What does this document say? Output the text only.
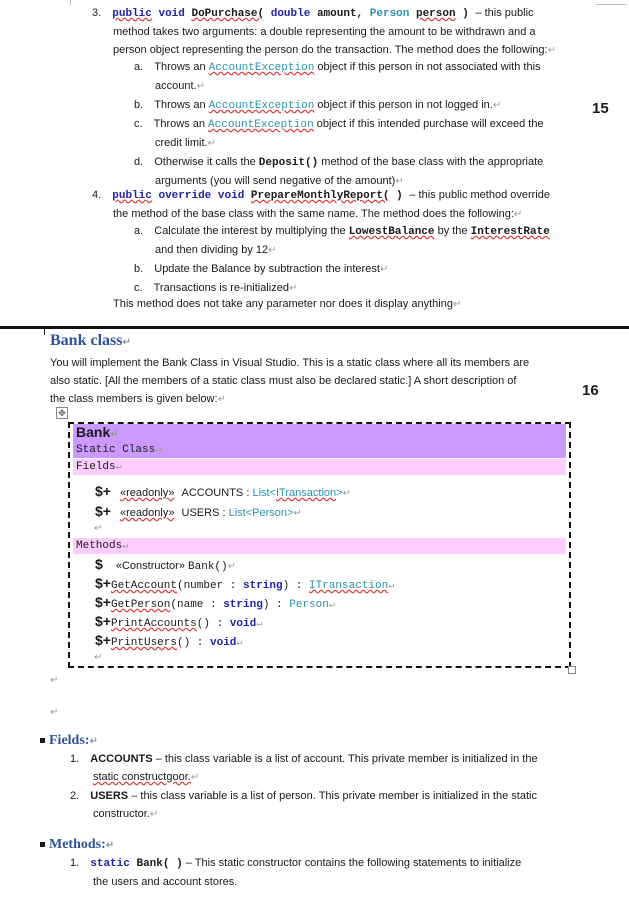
3. public void DoPurchase( double amount, Person person ) – this public
method takes two arguments: a double representing the amount to be withdrawn and a
person object representing the person do the transaction. The method does the following:↵
a. Throws an AccountException object if this person in not associated with this
account.↵
b. Throws an AccountException object if this person in not logged in.↵
c. Throws an AccountException object if this intended purchase will exceed the
credit limit.↵
d. Otherwise it calls the Deposit() method of the base class with the appropriate
arguments (you will send negative of the amount)↵
15
4. public override void PrepareMonthlyReport( ) – this public method override
the method of the base class with the same name. The method does the following:↵
a. Calculate the interest by multiplying the LowestBalance by the InterestRate
and then dividing by 12↵
b. Update the Balance by subtraction the interest↵
c. Transactions is re-initialized↵
This method does not take any parameter nor does it display anything↵
Bank class↵
You will implement the Bank Class in Visual Studio. This is a static class where all its members are
also static. [All the members of a static class must also be declared static.] A short description of
the class members is given below:↵
16
✥
Bank↵
Static Class↵
Fields↵
$+ «readonly» ACCOUNTS : List<ITransaction>↵
$+ «readonly» USERS : List<Person>↵
↵
Methods↵
$ «Constructor» Bank()↵
$+GetAccount(number : string) : ITransaction↵
$+GetPerson(name : string) : Person↵
$+PrintAccounts() : void↵
$+PrintUsers() : void↵
↵
↵
↵
Fields:↵
1. ACCOUNTS – this class variable is a list of account. This private member is initialized in the
static constructgoor.↵
2. USERS – this class variable is a list of person. This private member is initialized in the static
constructor.↵
Methods:↵
1. static Bank( ) – This static constructor contains the following statements to initialize
the users and account stores.
